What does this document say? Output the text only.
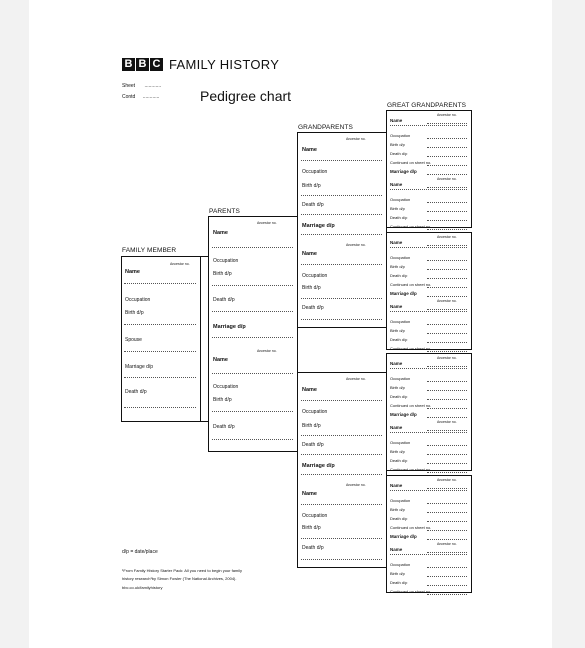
B B C FAMILY HISTORY
Sheet ............
Contd ............	Pedigree chart
FAMILY MEMBER
PARENTS
GRANDPARENTS
GREAT GRANDPARENTS
Ancestor no.
Name
Occupation
Birth d/p
Spouse
Marriage d/p
Death d/p
Ancestor no.
Name
Occupation
Birth d/p
Death d/p
Marriage d/p
Ancestor no.
Name
Occupation
Birth d/p
Death d/p
Ancestor no.
Name
Occupation
Birth d/p
Death d/p
Marriage d/p
Ancestor no.
Name
Occupation
Birth d/p
Death d/p
Ancestor no.
Name
Occupation
Birth d/p
Death d/p
Marriage d/p
Ancestor no.
Name
Occupation
Birth d/p
Death d/p
Ancestor no.
Name
Occupation
Birth d/p
Death d/p
Continued on sheet no.
Marriage d/p
Ancestor no.
Name
Occupation
Birth d/p
Death d/p
Continued on sheet no.
Ancestor no.
Name
Occupation
Birth d/p
Death d/p
Continued on sheet no.
Marriage d/p
Ancestor no.
Name
Occupation
Birth d/p
Death d/p
Continued on sheet no.
Ancestor no.
Name
Occupation
Birth d/p
Death d/p
Continued on sheet no.
Marriage d/p
Ancestor no.
Name
Occupation
Birth d/p
Death d/p
Continued on sheet no.
Ancestor no.
Name
Occupation
Birth d/p
Death d/p
Continued on sheet no.
Marriage d/p
Ancestor no.
Name
Occupation
Birth d/p
Death d/p
Continued on sheet no.
d/p = date/place
¹From Family History Starter Pack: All you need to begin your family
history research¹by Simon Fowler (The National Archives, 2004).
bbc.co.uk/familyhistory
